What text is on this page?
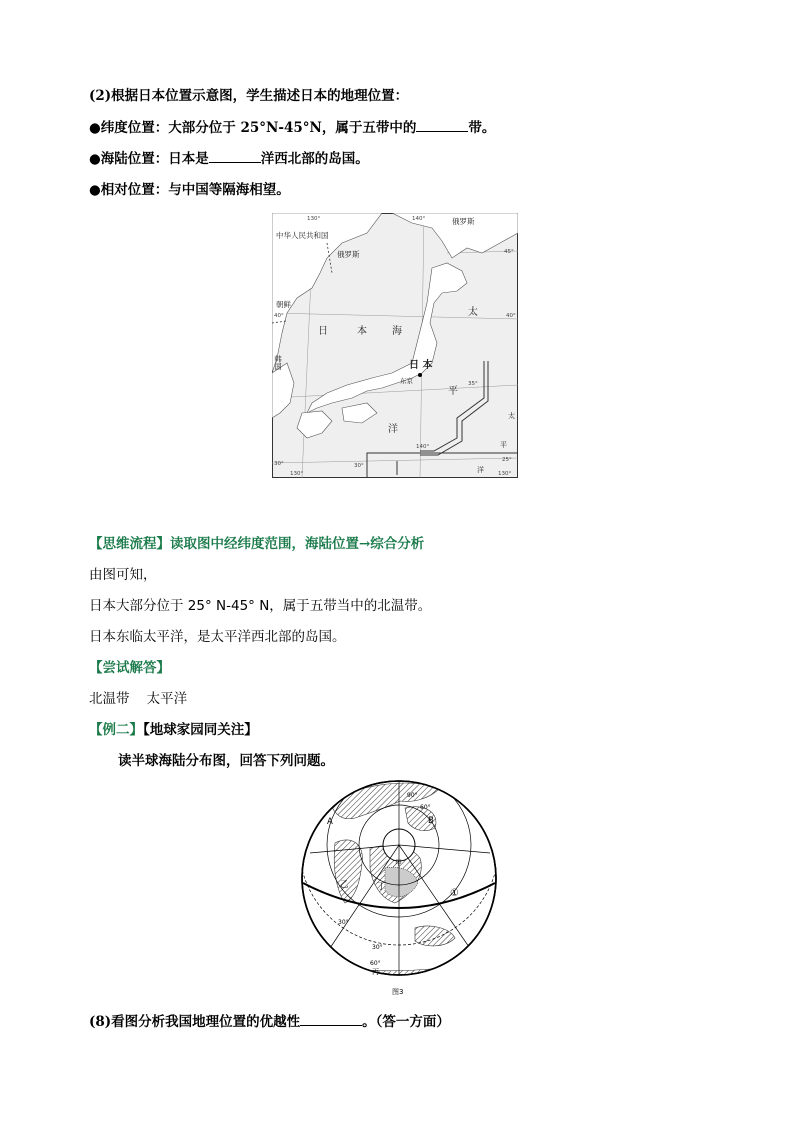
(2)根据日本位置示意图，学生描述日本的地理位置：
●纬度位置：大部分位于 25°N-45°N，属于五带中的	带。
●海陆位置：日本是	洋西北部的岛国。
●相对位置：与中国等隔海相望。
中华人民共和国
俄罗斯
俄罗斯
朝鲜
韩国
东京
日	本	海
日 本
太
平
洋
太
平
洋
130°	140°
45°
40°
40°
35°
30°	30°
25°
130°
140°
130°
【思维流程】读取图中经纬度范围，海陆位置→综合分析
由图可知，
日本大部分位于 25° N-45° N，属于五带当中的北温带。
日本东临太平洋，是太平洋西北部的岛国。
【尝试解答】
北温带    太平洋
【例二】【地球家园同关注】
读半球海陆分布图，回答下列问题。
A	B
甲
乙
丙
丁
①
90°
60°
30°
30°
60°
图3
(8)看图分析我国地理位置的优越性	。（答一方面）
